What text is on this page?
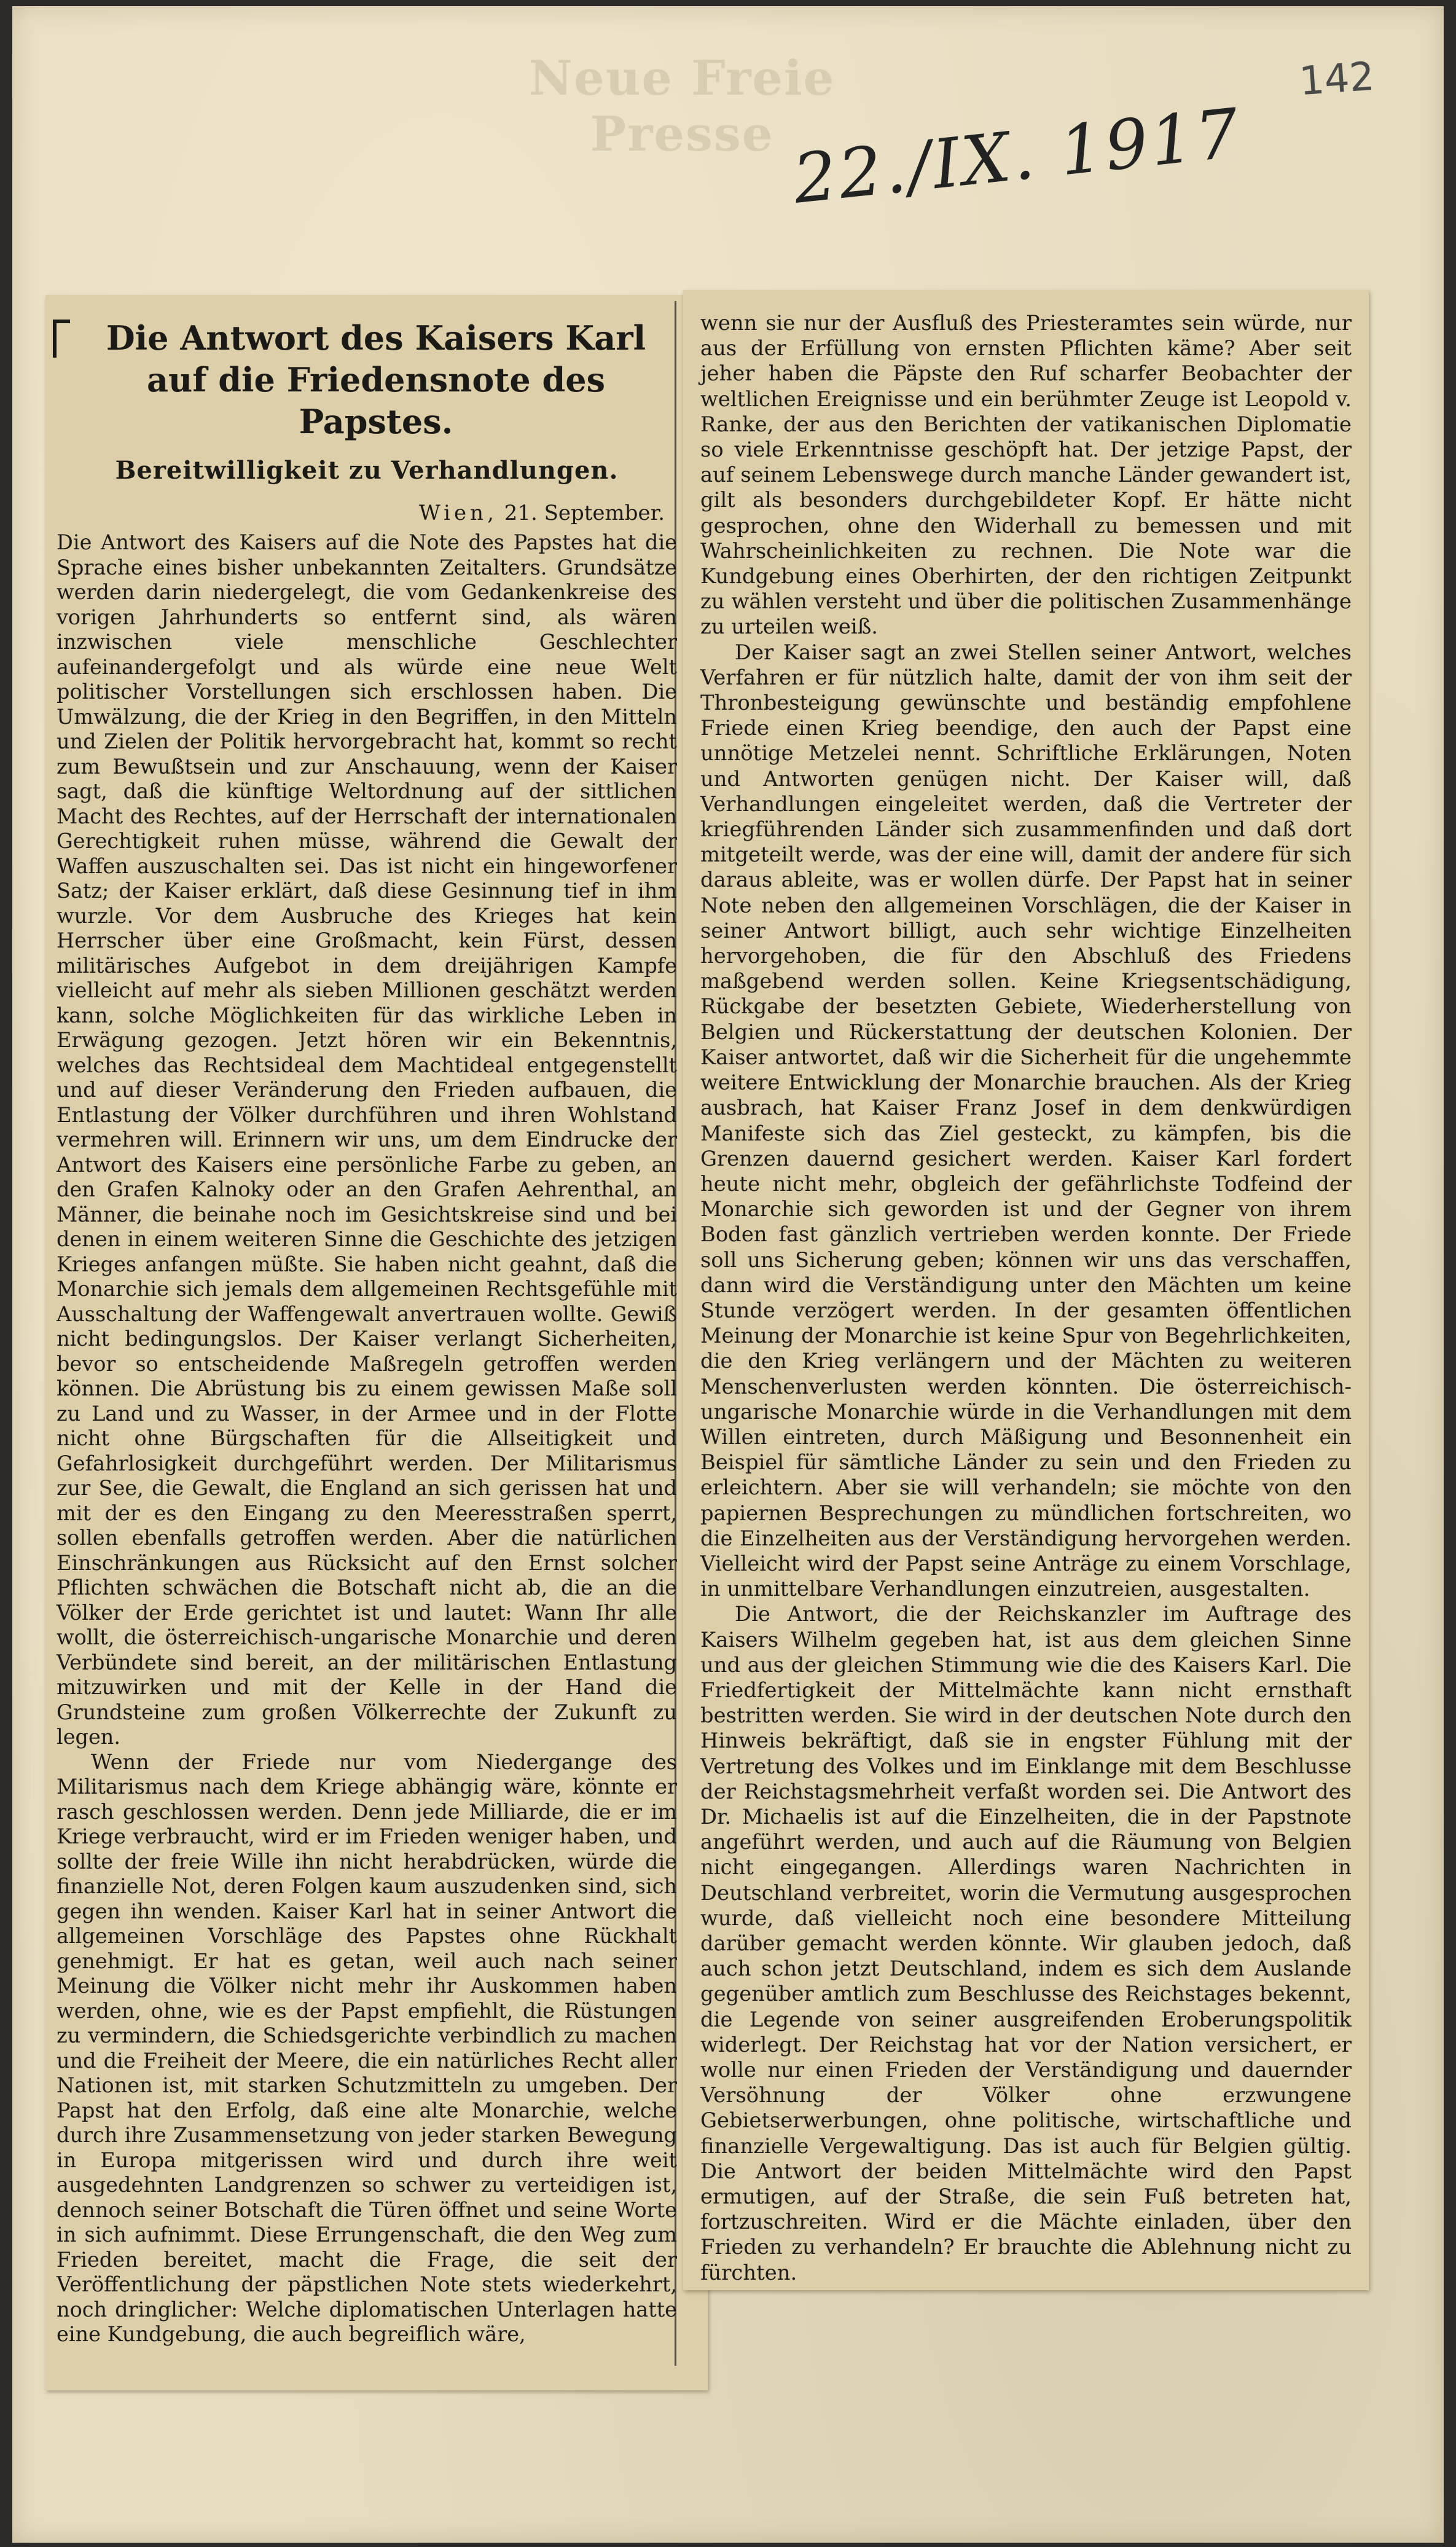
Neue Freie Presse
142
22./IX. 1917
Die Antwort des Kaisers Karl auf die Friedensnote des Papstes.
Bereitwilligkeit zu Verhandlungen.
Wien, 21. September.

Die Antwort des Kaisers auf die Note des Papstes hat die Sprache eines bisher unbekannten Zeitalters. Grundsätze werden darin niedergelegt, die vom Gedankenkreise des vorigen Jahrhunderts so entfernt sind, als wären inzwischen viele menschliche Geschlechter aufeinandergefolgt und als würde eine neue Welt politischer Vorstellungen sich erschlossen haben. Die Umwälzung, die der Krieg in den Begriffen, in den Mitteln und Zielen der Politik hervorgebracht hat, kommt so recht zum Bewußtsein und zur Anschauung, wenn der Kaiser sagt, daß die künftige Weltordnung auf der sittlichen Macht des Rechtes, auf der Herrschaft der internationalen Gerechtigkeit ruhen müsse, während die Gewalt der Waffen auszuschalten sei. Das ist nicht ein hingeworfener Satz; der Kaiser erklärt, daß diese Gesinnung tief in ihm wurzle. Vor dem Ausbruche des Krieges hat kein Herrscher über eine Großmacht, kein Fürst, dessen militärisches Aufgebot in dem dreijährigen Kampfe vielleicht auf mehr als sieben Millionen geschätzt werden kann, solche Möglichkeiten für das wirkliche Leben in Erwägung gezogen. Jetzt hören wir ein Bekenntnis, welches das Rechtsideal dem Machtideal entgegenstellt und auf dieser Veränderung den Frieden aufbauen, die Entlastung der Völker durchführen und ihren Wohlstand vermehren will. Erinnern wir uns, um dem Eindrucke der Antwort des Kaisers eine persönliche Farbe zu geben, an den Grafen Kalnoky oder an den Grafen Aehrenthal, an Männer, die beinahe noch im Gesichtskreise sind und bei denen in einem weiteren Sinne die Geschichte des jetzigen Krieges anfangen müßte. Sie haben nicht geahnt, daß die Monarchie sich jemals dem allgemeinen Rechtsgefühle mit Ausschaltung der Waffengewalt anvertrauen wollte. Gewiß nicht bedingungslos. Der Kaiser verlangt Sicherheiten, bevor so entscheidende Maßregeln getroffen werden können. Die Abrüstung bis zu einem gewissen Maße soll zu Land und zu Wasser, in der Armee und in der Flotte nicht ohne Bürgschaften für die Allseitigkeit und Gefahrlosigkeit durchgeführt werden. Der Militarismus zur See, die Gewalt, die England an sich gerissen hat und mit der es den Eingang zu den Meeresstraßen sperrt, sollen ebenfalls getroffen werden. Aber die natürlichen Einschränkungen aus Rücksicht auf den Ernst solcher Pflichten schwächen die Botschaft nicht ab, die an die Völker der Erde gerichtet ist und lautet: Wann Ihr alle wollt, die österreichisch-ungarische Monarchie und deren Verbündete sind bereit, an der militärischen Entlastung mitzuwirken und mit der Kelle in der Hand die Grundsteine zum großen Völkerrechte der Zukunft zu legen.

Wenn der Friede nur vom Niedergange des Militarismus nach dem Kriege abhängig wäre, könnte er rasch geschlossen werden. Denn jede Milliarde, die er im Kriege verbraucht, wird er im Frieden weniger haben, und sollte der freie Wille ihn nicht herabdrücken, würde die finanzielle Not, deren Folgen kaum auszudenken sind, sich gegen ihn wenden. Kaiser Karl hat in seiner Antwort die allgemeinen Vorschläge des Papstes ohne Rückhalt genehmigt. Er hat es getan, weil auch nach seiner Meinung die Völker nicht mehr ihr Auskommen haben werden, ohne, wie es der Papst empfiehlt, die Rüstungen zu vermindern, die Schiedsgerichte verbindlich zu machen und die Freiheit der Meere, die ein natürliches Recht aller Nationen ist, mit starken Schutzmitteln zu umgeben. Der Papst hat den Erfolg, daß eine alte Monarchie, welche durch ihre Zusammensetzung von jeder starken Bewegung in Europa mitgerissen wird und durch ihre weit ausgedehnten Landgrenzen so schwer zu verteidigen ist, dennoch seiner Botschaft die Türen öffnet und seine Worte in sich aufnimmt. Diese Errungenschaft, die den Weg zum Frieden bereitet, macht die Frage, die seit der Veröffentlichung der päpstlichen Note stets wiederkehrt, noch dringlicher: Welche diplomatischen Unterlagen hatte eine Kundgebung, die auch begreiflich wäre,

wenn sie nur der Ausfluß des Priesteramtes sein würde, nur aus der Erfüllung von ernsten Pflichten käme? Aber seit jeher haben die Päpste den Ruf scharfer Beobachter der weltlichen Ereignisse und ein berühmter Zeuge ist Leopold v. Ranke, der aus den Berichten der vatikanischen Diplomatie so viele Erkenntnisse geschöpft hat. Der jetzige Papst, der auf seinem Lebenswege durch manche Länder gewandert ist, gilt als besonders durchgebildeter Kopf. Er hätte nicht gesprochen, ohne den Widerhall zu bemessen und mit Wahrscheinlichkeiten zu rechnen. Die Note war die Kundgebung eines Oberhirten, der den richtigen Zeitpunkt zu wählen versteht und über die politischen Zusammenhänge zu urteilen weiß.

Der Kaiser sagt an zwei Stellen seiner Antwort, welches Verfahren er für nützlich halte, damit der von ihm seit der Thronbesteigung gewünschte und beständig empfohlene Friede einen Krieg beendige, den auch der Papst eine unnötige Metzelei nennt. Schriftliche Erklärungen, Noten und Antworten genügen nicht. Der Kaiser will, daß Verhandlungen eingeleitet werden, daß die Vertreter der kriegführenden Länder sich zusammenfinden und daß dort mitgeteilt werde, was der eine will, damit der andere für sich daraus ableite, was er wollen dürfe. Der Papst hat in seiner Note neben den allgemeinen Vorschlägen, die der Kaiser in seiner Antwort billigt, auch sehr wichtige Einzelheiten hervorgehoben, die für den Abschluß des Friedens maßgebend werden sollen. Keine Kriegsentschädigung, Rückgabe der besetzten Gebiete, Wiederherstellung von Belgien und Rückerstattung der deutschen Kolonien. Der Kaiser antwortet, daß wir die Sicherheit für die ungehemmte weitere Entwicklung der Monarchie brauchen. Als der Krieg ausbrach, hat Kaiser Franz Josef in dem denkwürdigen Manifeste sich das Ziel gesteckt, zu kämpfen, bis die Grenzen dauernd gesichert werden. Kaiser Karl fordert heute nicht mehr, obgleich der gefährlichste Todfeind der Monarchie sich geworden ist und der Gegner von ihrem Boden fast gänzlich vertrieben werden konnte. Der Friede soll uns Sicherung geben; können wir uns das verschaffen, dann wird die Verständigung unter den Mächten um keine Stunde verzögert werden. In der gesamten öffentlichen Meinung der Monarchie ist keine Spur von Begehrlichkeiten, die den Krieg verlängern und der Mächten zu weiteren Menschenverlusten werden könnten. Die österreichisch-ungarische Monarchie würde in die Verhandlungen mit dem Willen eintreten, durch Mäßigung und Besonnenheit ein Beispiel für sämtliche Länder zu sein und den Frieden zu erleichtern. Aber sie will verhandeln; sie möchte von den papiernen Besprechungen zu mündlichen fortschreiten, wo die Einzelheiten aus der Verständigung hervorgehen werden. Vielleicht wird der Papst seine Anträge zu einem Vorschlage, in unmittelbare Verhandlungen einzutreien, ausgestalten.

Die Antwort, die der Reichskanzler im Auftrage des Kaisers Wilhelm gegeben hat, ist aus dem gleichen Sinne und aus der gleichen Stimmung wie die des Kaisers Karl. Die Friedfertigkeit der Mittelmächte kann nicht ernsthaft bestritten werden. Sie wird in der deutschen Note durch den Hinweis bekräftigt, daß sie in engster Fühlung mit der Vertretung des Volkes und im Einklange mit dem Beschlusse der Reichstagsmehrheit verfaßt worden sei. Die Antwort des Dr. Michaelis ist auf die Einzelheiten, die in der Papstnote angeführt werden, und auch auf die Räumung von Belgien nicht eingegangen. Allerdings waren Nachrichten in Deutschland verbreitet, worin die Vermutung ausgesprochen wurde, daß vielleicht noch eine besondere Mitteilung darüber gemacht werden könnte. Wir glauben jedoch, daß auch schon jetzt Deutschland, indem es sich dem Auslande gegenüber amtlich zum Beschlusse des Reichstages bekennt, die Legende von seiner ausgreifenden Eroberungspolitik widerlegt. Der Reichstag hat vor der Nation versichert, er wolle nur einen Frieden der Verständigung und dauernder Versöhnung der Völker ohne erzwungene Gebietserwerbungen, ohne politische, wirtschaftliche und finanzielle Vergewaltigung. Das ist auch für Belgien gültig. Die Antwort der beiden Mittelmächte wird den Papst ermutigen, auf der Straße, die sein Fuß betreten hat, fortzuschreiten. Wird er die Mächte einladen, über den Frieden zu verhandeln? Er brauchte die Ablehnung nicht zu fürchten.
